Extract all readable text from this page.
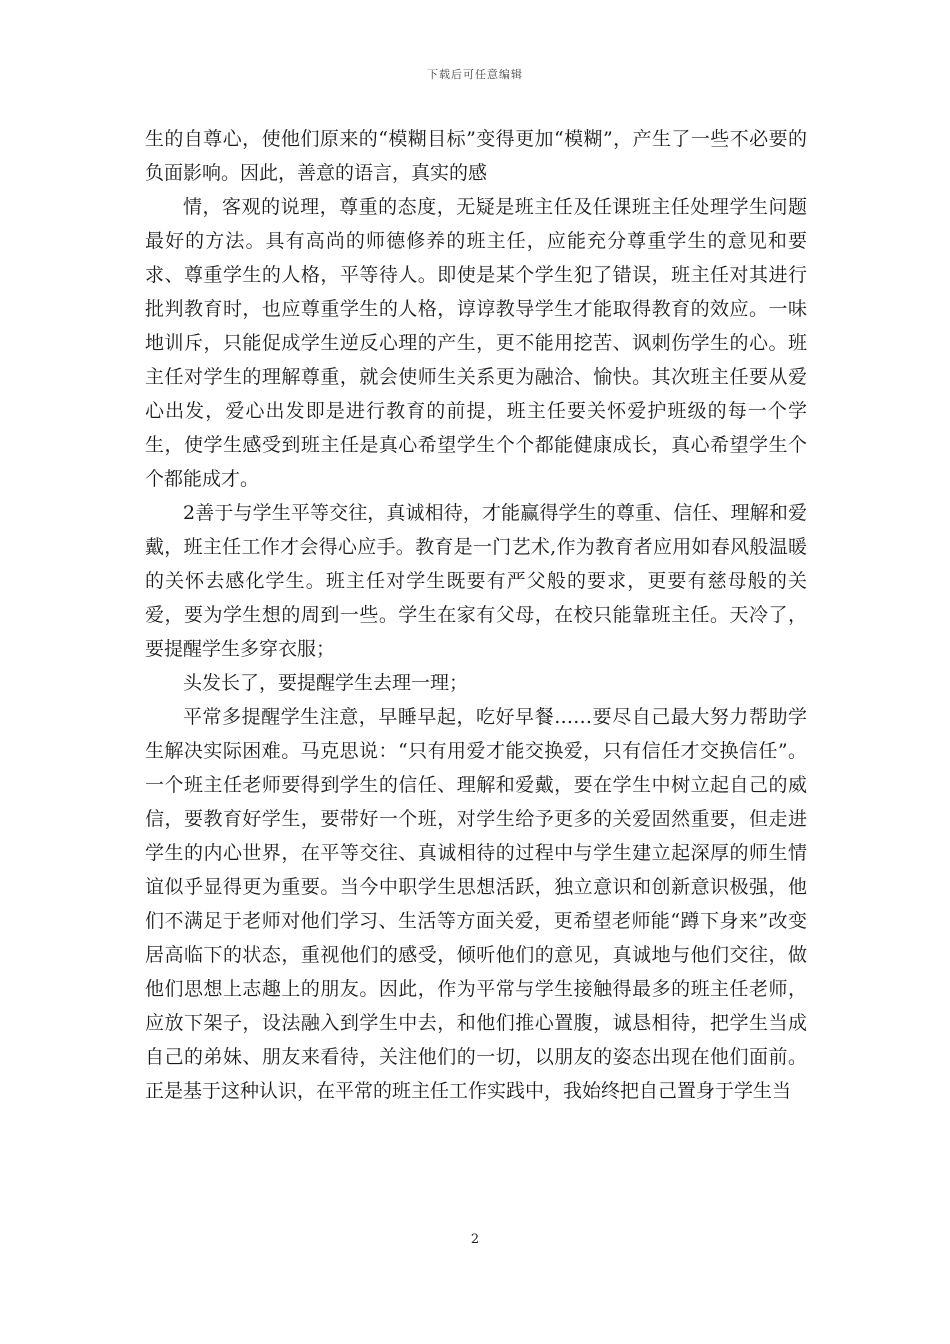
下载后可任意编辑

生的自尊心，使他们原来的“模糊目标”变得更加“模糊”，产生了一些不必要的负面影响。因此，善意的语言，真实的感

情，客观的说理，尊重的态度，无疑是班主任及任课班主任处理学生问题最好的方法。具有高尚的师德修养的班主任，应能充分尊重学生的意见和要求、尊重学生的人格，平等待人。即使是某个学生犯了错误，班主任对其进行批判教育时，也应尊重学生的人格，谆谆教导学生才能取得教育的效应。一味地训斥，只能促成学生逆反心理的产生，更不能用挖苦、讽刺伤学生的心。班主任对学生的理解尊重，就会使师生关系更为融洽、愉快。其次班主任要从爱心出发，爱心出发即是进行教育的前提，班主任要关怀爱护班级的每一个学生，使学生感受到班主任是真心希望学生个个都能健康成长，真心希望学生个个都能成才。

2善于与学生平等交往，真诚相待，才能赢得学生的尊重、信任、理解和爱戴，班主任工作才会得心应手。教育是一门艺术,作为教育者应用如春风般温暖的关怀去感化学生。班主任对学生既要有严父般的要求，更要有慈母般的关爱，要为学生想的周到一些。学生在家有父母，在校只能靠班主任。天冷了，要提醒学生多穿衣服；

头发长了，要提醒学生去理一理；

平常多提醒学生注意，早睡早起，吃好早餐……要尽自己最大努力帮助学生解决实际困难。马克思说：“只有用爱才能交换爱，只有信任才交换信任”。一个班主任老师要得到学生的信任、理解和爱戴，要在学生中树立起自己的威信，要教育好学生，要带好一个班，对学生给予更多的关爱固然重要，但走进学生的内心世界，在平等交往、真诚相待的过程中与学生建立起深厚的师生情谊似乎显得更为重要。当今中职学生思想活跃，独立意识和创新意识极强，他们不满足于老师对他们学习、生活等方面关爱，更希望老师能“蹲下身来”改变居高临下的状态，重视他们的感受，倾听他们的意见，真诚地与他们交往，做他们思想上志趣上的朋友。因此，作为平常与学生接触得最多的班主任老师，应放下架子，设法融入到学生中去，和他们推心置腹，诚恳相待，把学生当成自己的弟妹、朋友来看待，关注他们的一切，以朋友的姿态出现在他们面前。正是基于这种认识，在平常的班主任工作实践中，我始终把自己置身于学生当

2
